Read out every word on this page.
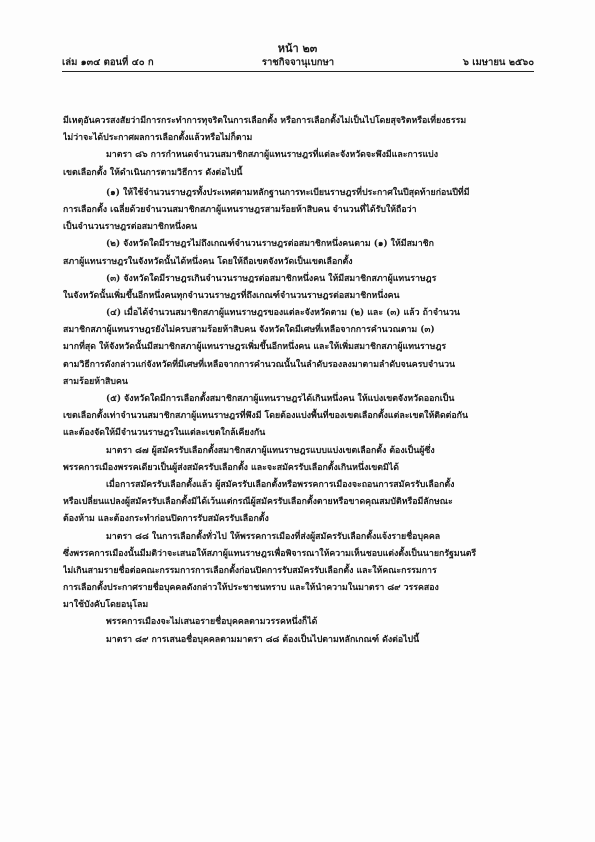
หน้า ๒๓
เล่ม ๑๓๔ ตอนที่ ๔๐ ก	ราชกิจจานุเบกษา	๖ เมษายน ๒๕๖๐
มีเหตุอันควรสงสัยว่ามีการกระทำการทุจริตในการเลือกตั้ง หรือการเลือกตั้งไม่เป็นไปโดยสุจริตหรือเที่ยงธรรม
ไม่ว่าจะได้ประกาศผลการเลือกตั้งแล้วหรือไม่ก็ตาม
มาตรา ๘๖ การกำหนดจำนวนสมาชิกสภาผู้แทนราษฎรที่แต่ละจังหวัดจะพึงมีและการแบ่ง
เขตเลือกตั้ง ให้ดำเนินการตามวิธีการ ดังต่อไปนี้
(๑) ให้ใช้จำนวนราษฎรทั้งประเทศตามหลักฐานการทะเบียนราษฎรที่ประกาศในปีสุดท้ายก่อนปีที่มี
การเลือกตั้ง เฉลี่ยด้วยจำนวนสมาชิกสภาผู้แทนราษฎรสามร้อยห้าสิบคน จำนวนที่ได้รับให้ถือว่า
เป็นจำนวนราษฎรต่อสมาชิกหนึ่งคน
(๒) จังหวัดใดมีราษฎรไม่ถึงเกณฑ์จำนวนราษฎรต่อสมาชิกหนึ่งคนตาม (๑) ให้มีสมาชิก
สภาผู้แทนราษฎรในจังหวัดนั้นได้หนึ่งคน โดยให้ถือเขตจังหวัดเป็นเขตเลือกตั้ง
(๓) จังหวัดใดมีราษฎรเกินจำนวนราษฎรต่อสมาชิกหนึ่งคน ให้มีสมาชิกสภาผู้แทนราษฎร
ในจังหวัดนั้นเพิ่มขึ้นอีกหนึ่งคนทุกจำนวนราษฎรที่ถึงเกณฑ์จำนวนราษฎรต่อสมาชิกหนึ่งคน
(๔) เมื่อได้จำนวนสมาชิกสภาผู้แทนราษฎรของแต่ละจังหวัดตาม (๒) และ (๓) แล้ว ถ้าจำนวน
สมาชิกสภาผู้แทนราษฎรยังไม่ครบสามร้อยห้าสิบคน จังหวัดใดมีเศษที่เหลือจากการคำนวณตาม (๓)
มากที่สุด ให้จังหวัดนั้นมีสมาชิกสภาผู้แทนราษฎรเพิ่มขึ้นอีกหนึ่งคน และให้เพิ่มสมาชิกสภาผู้แทนราษฎร
ตามวิธีการดังกล่าวแก่จังหวัดที่มีเศษที่เหลือจากการคำนวณนั้นในลำดับรองลงมาตามลำดับจนครบจำนวน
สามร้อยห้าสิบคน
(๕) จังหวัดใดมีการเลือกตั้งสมาชิกสภาผู้แทนราษฎรได้เกินหนึ่งคน ให้แบ่งเขตจังหวัดออกเป็น
เขตเลือกตั้งเท่าจำนวนสมาชิกสภาผู้แทนราษฎรที่พึงมี โดยต้องแบ่งพื้นที่ของเขตเลือกตั้งแต่ละเขตให้ติดต่อกัน
และต้องจัดให้มีจำนวนราษฎรในแต่ละเขตใกล้เคียงกัน
มาตรา ๘๗ ผู้สมัครรับเลือกตั้งสมาชิกสภาผู้แทนราษฎรแบบแบ่งเขตเลือกตั้ง ต้องเป็นผู้ซึ่ง
พรรคการเมืองพรรคเดียวเป็นผู้ส่งสมัครรับเลือกตั้ง และจะสมัครรับเลือกตั้งเกินหนึ่งเขตมิได้
เมื่อการสมัครรับเลือกตั้งแล้ว ผู้สมัครรับเลือกตั้งหรือพรรคการเมืองจะถอนการสมัครรับเลือกตั้ง
หรือเปลี่ยนแปลงผู้สมัครรับเลือกตั้งมิได้เว้นแต่กรณีผู้สมัครรับเลือกตั้งตายหรือขาดคุณสมบัติหรือมีลักษณะ
ต้องห้าม และต้องกระทำก่อนปิดการรับสมัครรับเลือกตั้ง
มาตรา ๘๘ ในการเลือกตั้งทั่วไป ให้พรรคการเมืองที่ส่งผู้สมัครรับเลือกตั้งแจ้งรายชื่อบุคคล
ซึ่งพรรคการเมืองนั้นมีมติว่าจะเสนอให้สภาผู้แทนราษฎรเพื่อพิจารณาให้ความเห็นชอบแต่งตั้งเป็นนายกรัฐมนตรี
ไม่เกินสามรายชื่อต่อคณะกรรมการการเลือกตั้งก่อนปิดการรับสมัครรับเลือกตั้ง และให้คณะกรรมการ
การเลือกตั้งประกาศรายชื่อบุคคลดังกล่าวให้ประชาชนทราบ และให้นำความในมาตรา ๘๙ วรรคสอง
มาใช้บังคับโดยอนุโลม
พรรคการเมืองจะไม่เสนอรายชื่อบุคคลตามวรรคหนึ่งก็ได้
มาตรา ๘๙ การเสนอชื่อบุคคลตามมาตรา ๘๘ ต้องเป็นไปตามหลักเกณฑ์ ดังต่อไปนี้
